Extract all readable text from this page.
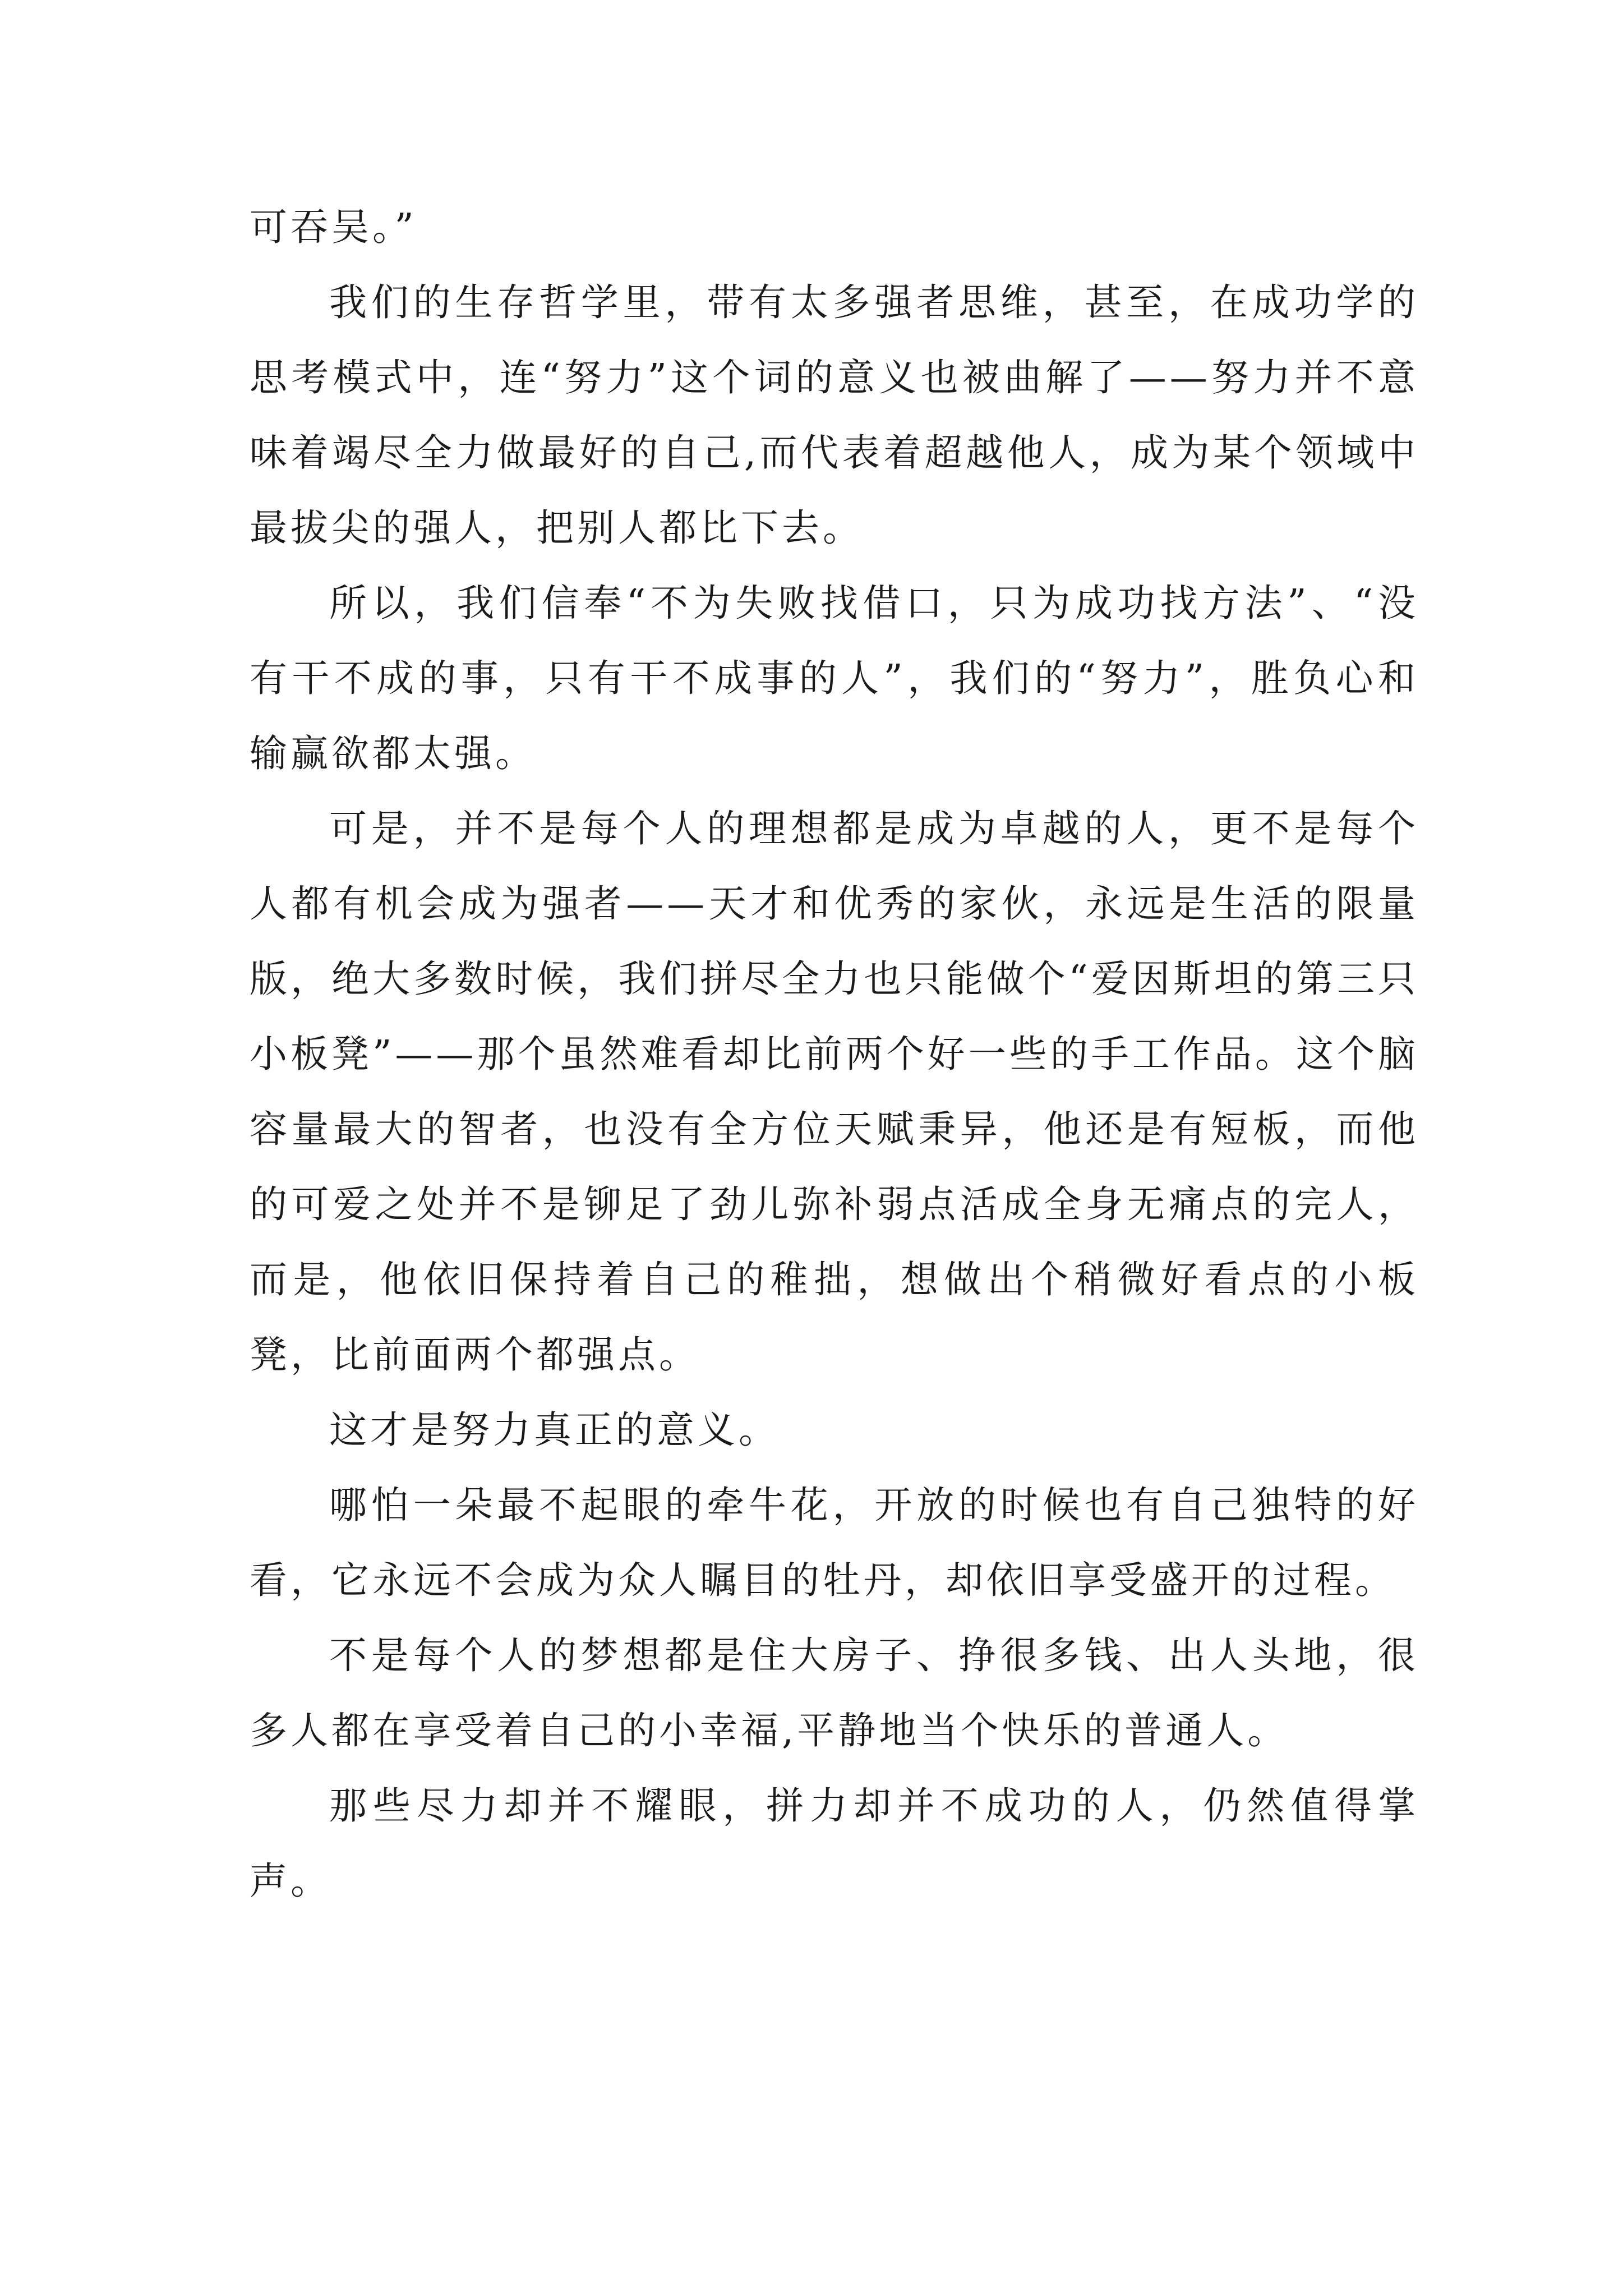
可吞吴。”

我们的生存哲学里，带有太多强者思维，甚至，在成功学的思考模式中，连“努力”这个词的意义也被曲解了——努力并不意味着竭尽全力做最好的自己,而代表着超越他人，成为某个领域中最拔尖的强人，把别人都比下去。

所以，我们信奉“不为失败找借口，只为成功找方法”、“没有干不成的事，只有干不成事的人”，我们的“努力”，胜负心和输赢欲都太强。

可是，并不是每个人的理想都是成为卓越的人，更不是每个人都有机会成为强者——天才和优秀的家伙，永远是生活的限量版，绝大多数时候，我们拼尽全力也只能做个“爱因斯坦的第三只小板凳”——那个虽然难看却比前两个好一些的手工作品。这个脑容量最大的智者，也没有全方位天赋秉异，他还是有短板，而他的可爱之处并不是铆足了劲儿弥补弱点活成全身无痛点的完人，而是，他依旧保持着自己的稚拙，想做出个稍微好看点的小板凳，比前面两个都强点。

这才是努力真正的意义。

哪怕一朵最不起眼的牵牛花，开放的时候也有自己独特的好看，它永远不会成为众人瞩目的牡丹，却依旧享受盛开的过程。

不是每个人的梦想都是住大房子、挣很多钱、出人头地，很多人都在享受着自己的小幸福,平静地当个快乐的普通人。

那些尽力却并不耀眼，拼力却并不成功的人，仍然值得掌声。
